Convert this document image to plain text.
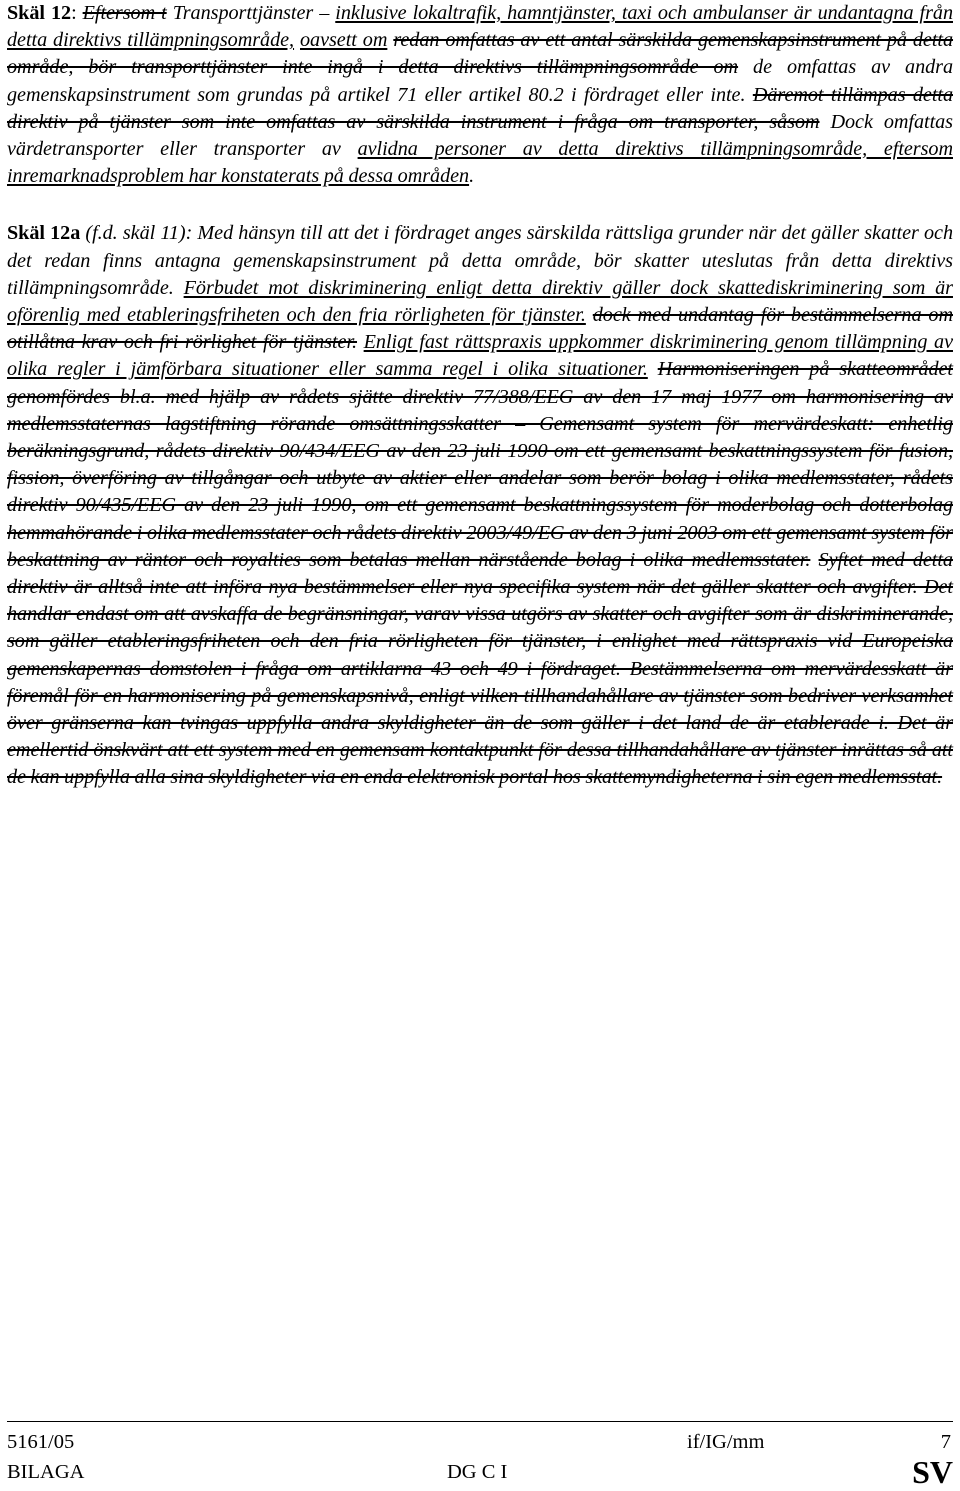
Skäl 12: Eftersom t Transporttjänster – inklusive lokaltrafik, hamntjänster, taxi och ambulanser är undantagna från detta direktivs tillämpningsområde, oavsett om redan omfattas av ett antal särskilda gemenskapsinstrument på detta område, bör transporttjänster inte ingå i detta direktivs tillämpningsområde om de omfattas av andra gemenskapsinstrument som grundas på artikel 71 eller artikel 80.2 i fördraget eller inte. Däremot tillämpas detta direktiv på tjänster som inte omfattas av särskilda instrument i fråga om transporter, såsom Dock omfattas värdetransporter eller transporter av avlidna personer av detta direktivs tillämpningsområde, eftersom inremarknadsproblem har konstaterats på dessa områden.

Skäl 12a (f.d. skäl 11): Med hänsyn till att det i fördraget anges särskilda rättsliga grunder när det gäller skatter och det redan finns antagna gemenskapsinstrument på detta område, bör skatter uteslutas från detta direktivs tillämpningsområde. Förbudet mot diskriminering enligt detta direktiv gäller dock skattediskriminering som är oförenlig med etableringsfriheten och den fria rörligheten för tjänster. dock med undantag för bestämmelserna om otillåtna krav och fri rörlighet för tjänster. Enligt fast rättspraxis uppkommer diskriminering genom tillämpning av olika regler i jämförbara situationer eller samma regel i olika situationer. Harmoniseringen på skatteområdet genomfördes bl.a. med hjälp av rådets sjätte direktiv 77/388/EEG av den 17 maj 1977 om harmonisering av medlemsstaternas lagstiftning rörande omsättningsskatter – Gemensamt system för mervärdeskatt: enhetlig beräkningsgrund, rådets direktiv 90/434/EEG av den 23 juli 1990 om ett gemensamt beskattningssystem för fusion, fission, överföring av tillgångar och utbyte av aktier eller andelar som berör bolag i olika medlemsstater, rådets direktiv 90/435/EEG av den 23 juli 1990, om ett gemensamt beskattningssystem för moderbolag och dotterbolag hemmahörande i olika medlemsstater och rådets direktiv 2003/49/EG av den 3 juni 2003 om ett gemensamt system för beskattning av räntor och royalties som betalas mellan närstående bolag i olika medlemsstater. Syftet med detta direktiv är alltså inte att införa nya bestämmelser eller nya specifika system när det gäller skatter och avgifter. Det handlar endast om att avskaffa de begränsningar, varav vissa utgörs av skatter och avgifter som är diskriminerande, som gäller etableringsfriheten och den fria rörligheten för tjänster, i enlighet med rättspraxis vid Europeiska gemenskapernas domstolen i fråga om artiklarna 43 och 49 i fördraget. Bestämmelserna om mervärdesskatt är föremål för en harmonisering på gemenskapsnivå, enligt vilken tillhandahållare av tjänster som bedriver verksamhet över gränserna kan tvingas uppfylla andra skyldigheter än de som gäller i det land de är etablerade i. Det är emellertid önskvärt att ett system med en gemensam kontaktpunkt för dessa tillhandahållare av tjänster inrättas så att de kan uppfylla alla sina skyldigheter via en enda elektronisk portal hos skattemyndigheterna i sin egen medlemsstat.

5161/05	if/IG/mm	7
BILAGA	DG C I	SV
